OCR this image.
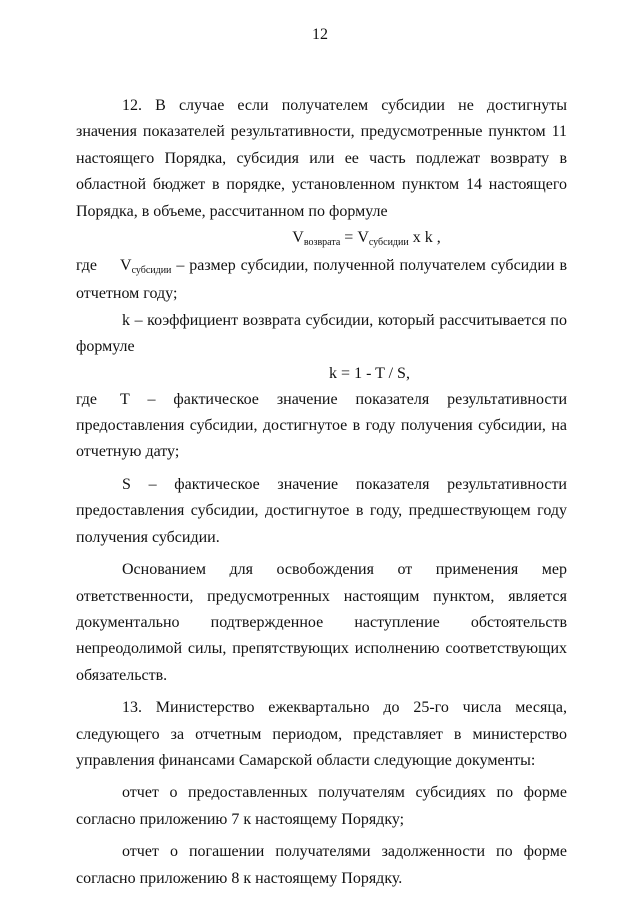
12

12. В случае если получателем субсидии не достигнуты значения показателей результативности, предусмотренные пунктом 11 настоящего Порядка, субсидия или ее часть подлежат возврату в областной бюджет в порядке, установленном пунктом 14 настоящего Порядка, в объеме, рассчитанном по формуле

Vвозврата = Vсубсидии x k ,

где Vсубсидии – размер субсидии, полученной получателем субсидии в отчетном году;

k – коэффициент возврата субсидии, который рассчитывается по формуле

k = 1 - T / S,

где T – фактическое значение показателя результативности предоставления субсидии, достигнутое в году получения субсидии, на отчетную дату;

S – фактическое значение показателя результативности предоставления субсидии, достигнутое в году, предшествующем году получения субсидии.

Основанием для освобождения от применения мер ответственности, предусмотренных настоящим пунктом, является документально подтвержденное наступление обстоятельств непреодолимой силы, препятствующих исполнению соответствующих обязательств.

13. Министерство ежеквартально до 25-го числа месяца, следующего за отчетным периодом, представляет в министерство управления финансами Самарской области следующие документы:

отчет о предоставленных получателям субсидиях по форме согласно приложению 7 к настоящему Порядку;

отчет о погашении получателями задолженности по форме согласно приложению 8 к настоящему Порядку.
